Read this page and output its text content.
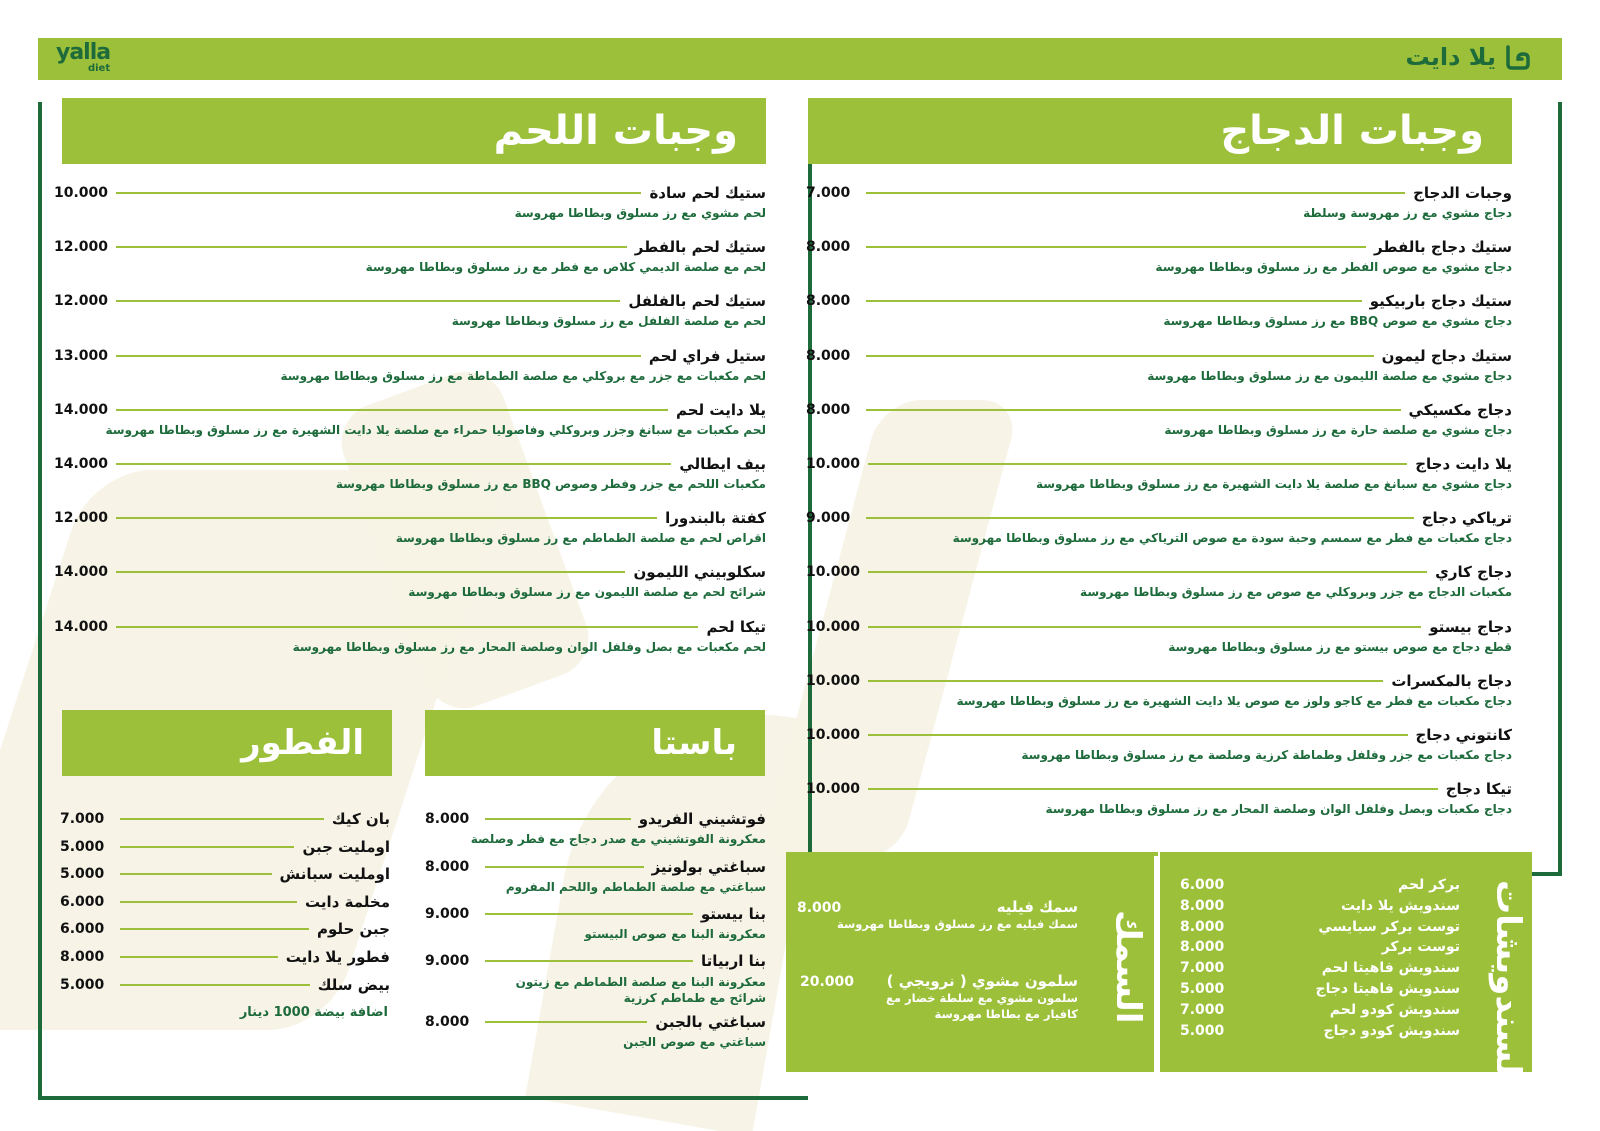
yalla
diet	يلا دايت
وجبات الدجاج
وجبات اللحم
باستا
الفطور
وجبات الدجاج
7.000
دجاج مشوي مع رز مهروسة وسلطة
ستيك دجاج بالفطر
8.000
دجاج مشوي مع صوص الفطر مع رز مسلوق وبطاطا مهروسة
ستيك دجاج باربيكيو
8.000
دجاج مشوي مع صوص BBQ مع رز مسلوق وبطاطا مهروسة
ستيك دجاج ليمون
8.000
دجاج مشوي مع صلصة الليمون مع رز مسلوق وبطاطا مهروسة
دجاج مكسيكي
8.000
دجاج مشوي مع صلصة حارة مع رز مسلوق وبطاطا مهروسة
يلا دايت دجاج
10.000
دجاج مشوي مع سبانغ مع صلصة يلا دايت الشهيرة مع رز مسلوق وبطاطا مهروسة
ترياكي دجاج
9.000
دجاج مكعبات مع فطر مع سمسم وحبة سودة مع صوص الترياكي مع رز مسلوق وبطاطا مهروسة
دجاج كاري
10.000
مكعبات الدجاج مع جزر وبروكلي مع صوص مع رز مسلوق وبطاطا مهروسة
دجاج بيستو
10.000
قطع دجاج مع صوص بيستو مع رز مسلوق وبطاطا مهروسة
دجاج بالمكسرات
10.000
دجاج مكعبات مع فطر مع كاجو ولوز مع صوص يلا دايت الشهيرة مع رز مسلوق وبطاطا مهروسة
كانتوني دجاج
10.000
دجاج مكعبات مع جزر وفلفل وطماطة كرزية وصلصة مع رز مسلوق وبطاطا مهروسة
تيكا دجاج
10.000
دجاج مكعبات وبصل وفلفل الوان وصلصة المحار مع رز مسلوق وبطاطا مهروسة
ستيك لحم سادة
10.000
لحم مشوي مع رز مسلوق وبطاطا مهروسة
ستيك لحم بالفطر
12.000
لحم مع صلصة الديمي كلاص مع فطر مع رز مسلوق وبطاطا مهروسة
ستيك لحم بالفلفل
12.000
لحم مع صلصة الفلفل مع رز مسلوق وبطاطا مهروسة
ستيل فراي لحم
13.000
لحم مكعبات مع جزر مع بروكلي مع صلصة الطماطة مع رز مسلوق وبطاطا مهروسة
يلا دايت لحم
14.000
لحم مكعبات مع سبانغ وجزر وبروكلي وفاصوليا حمراء مع صلصة يلا دايت الشهيرة مع رز مسلوق وبطاطا مهروسة
بيف ايطالي
14.000
مكعبات اللحم مع جزر وفطر وصوص BBQ مع رز مسلوق وبطاطا مهروسة
كفتة بالبندورا
12.000
اقراص لحم مع صلصة الطماطم مع رز مسلوق وبطاطا مهروسة
سكلوبيني الليمون
14.000
شرائح لحم مع صلصة الليمون مع رز مسلوق وبطاطا مهروسة
تيكا لحم
14.000
لحم مكعبات مع بصل وفلفل الوان وصلصة المحار مع رز مسلوق وبطاطا مهروسة
فوتشيني الفريدو
8.000
معكرونة الفوتشيني مع صدر دجاج مع فطر وصلصة
سباغتي بولونيز
8.000
سباغتي مع صلصة الطماطم واللحم المفروم
بنا بيستو
9.000
معكرونة البنا مع صوص البيستو
بنا اربياتا
9.000
معكرونة البنا مع صلصة الطماطم مع زيتون شرائح مع طماطم كرزية
سباغتي بالجبن
8.000
سباغتي مع صوص الجبن
بان كيك
7.000
اومليت جبن
5.000
اومليت سبانش
5.000
مخلمة دايت
6.000
جبن حلوم
6.000
فطور يلا دايت
8.000
بيض سلك
5.000
اضافة بيضة 1000 دينار	السمك
سمك فيليه
سمك فيليه مع رز مسلوق وبطاطا مهروسة
8.000
سلمون مشوي ( نرويجي )
سلمون مشوي مع سلطة خضار مع كافيار مع بطاطا مهروسة
20.000	السندويشات
بركر لحم
6.000
سندويش يلا دايت
8.000
توست بركر سبايسي
8.000
توست بركر
8.000
سندويش فاهيتا لحم
7.000
سندويش فاهيتا دجاج
5.000
سندويش كودو لحم
7.000
سندويش كودو دجاج
5.000
